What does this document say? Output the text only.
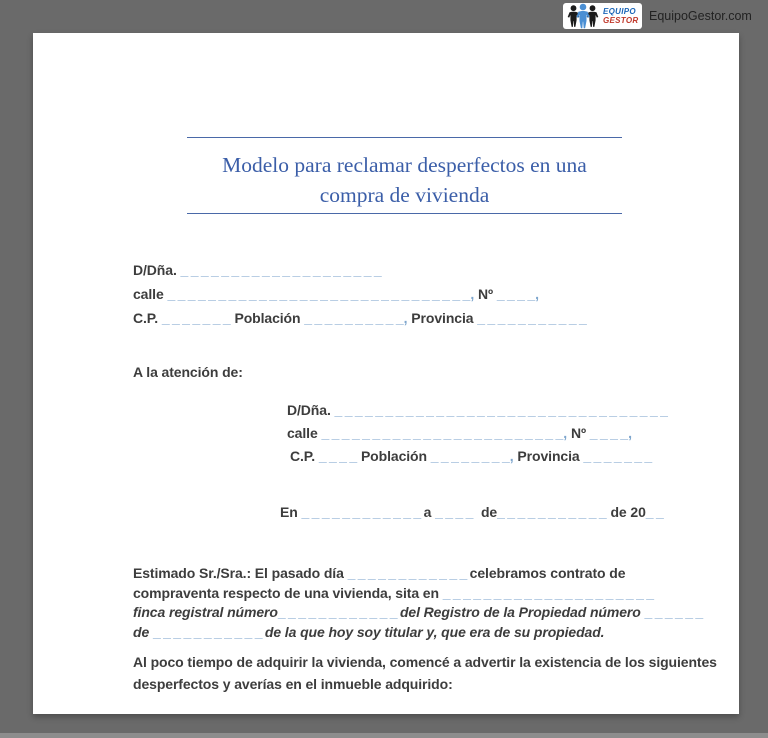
EQUIPO
GESTOR EquipoGestor.com
Modelo para reclamar desperfectos en una
compra de vivienda
D/Dña. _ _ _ _ _ _ _ _ _ _ _ _ _ _ _ _ _ _ _ _
calle _ _ _ _ _ _ _ _ _ _ _ _ _ _ _ _ _ _ _ _ _ _ _ _ _ _ _ _ _ _, Nº _ _ _ _,
C.P. _ _ _ _ _ _ _ Población _ _ _ _ _ _ _ _ _ _, Provincia _ _ _ _ _ _ _ _ _ _ _
A la atención de:
D/Dña. _ _ _ _ _ _ _ _ _ _ _ _ _ _ _ _ _ _ _ _ _ _ _ _ _ _ _ _ _ _ _ _ _
calle _ _ _ _ _ _ _ _ _ _ _ _ _ _ _ _ _ _ _ _ _ _ _ _, Nº _ _ _ _,
C.P. _ _ _ _ Población _ _ _ _ _ _ _ _, Provincia _ _ _ _ _ _ _
En _ _ _ _ _ _ _ _ _ _ _ _ a _ _ _ _  de_ _ _ _ _ _ _ _ _ _ _ de 20_ _
Estimado Sr./Sra.: El pasado día _ _ _ _ _ _ _ _ _ _ _ _ celebramos contrato de
compraventa respecto de una vivienda, sita en _ _ _ _ _ _ _ _ _ _ _ _ _ _ _ _ _ _ _ _ _
finca registral número_ _ _ _ _ _ _ _ _ _ _ _ del Registro de la Propiedad número _ _ _ _ _ _
de _ _ _ _ _ _ _ _ _ _ _ de la que hoy soy titular y, que era de su propiedad.
Al poco tiempo de adquirir la vivienda, comencé a advertir la existencia de los siguientes
desperfectos y averías en el inmueble adquirido:
